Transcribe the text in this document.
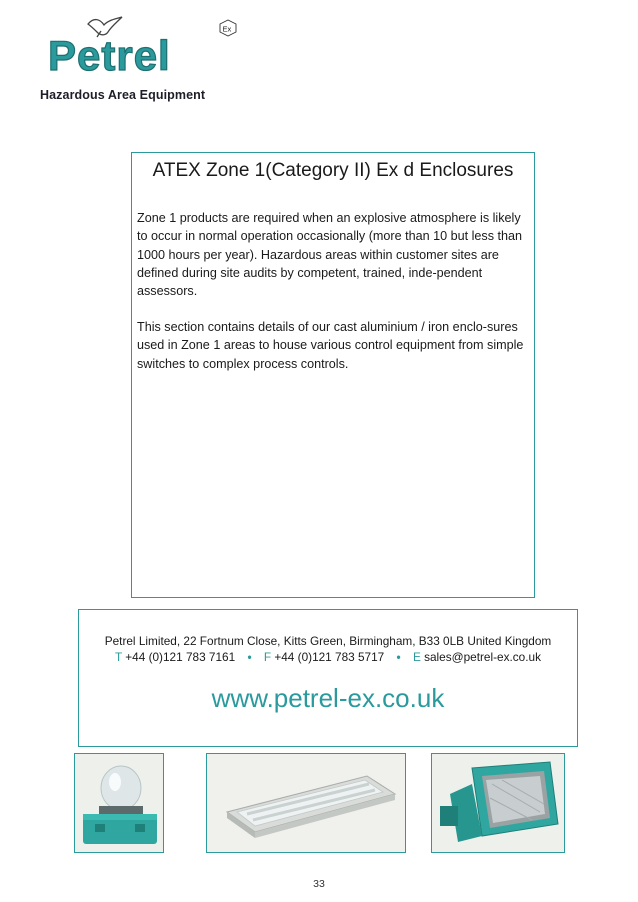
Petrel
Ex
Hazardous Area Equipment
ATEX Zone 1(Category II) Ex d Enclosures
Zone 1 products are required when an explosive atmosphere is likely to occur in normal operation occasionally (more than 10 but less than 1000 hours per year). Hazardous areas within customer sites are defined during site audits by competent, trained, inde-pendent assessors.
This section contains details of our cast aluminium / iron enclo-sures used in Zone 1 areas to house various control equipment from simple switches to complex process controls.
Petrel Limited, 22 Fortnum Close, Kitts Green, Birmingham, B33 0LB United Kingdom
T +44 (0)121 783 7161 • F +44 (0)121 783 5717 • E sales@petrel-ex.co.uk
www.petrel-ex.co.uk
33
